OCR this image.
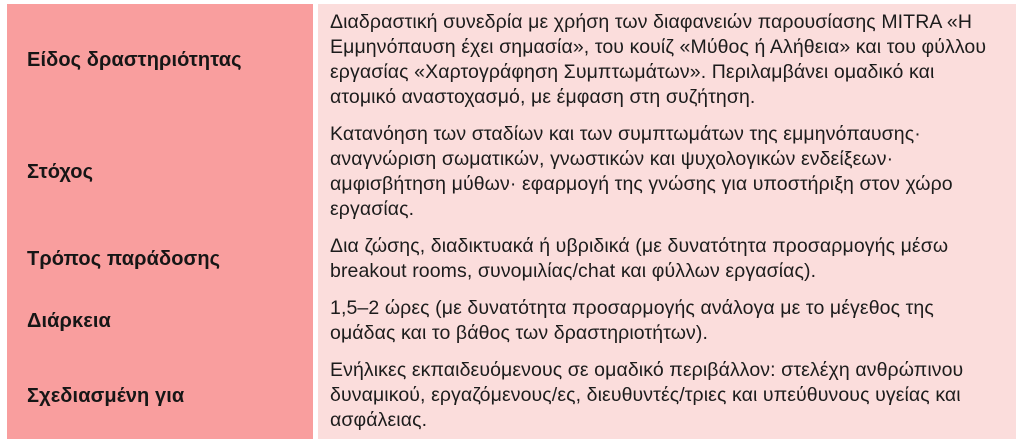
Είδος δραστηριότητας
Διαδραστική συνεδρία με χρήση των διαφανειών παρουσίασης MITRA «Η Εμμηνόπαυση έχει σημασία», του κουίζ «Μύθος ή Αλήθεια» και του φύλλου εργασίας «Χαρτογράφηση Συμπτωμάτων». Περιλαμβάνει ομαδικό και ατομικό αναστοχασμό, με έμφαση στη συζήτηση.
Στόχος
Κατανόηση των σταδίων και των συμπτωμάτων της εμμηνόπαυσης· αναγνώριση σωματικών, γνωστικών και ψυχολογικών ενδείξεων· αμφισβήτηση μύθων· εφαρμογή της γνώσης για υποστήριξη στον χώρο εργασίας.
Τρόπος παράδοσης
Δια ζώσης, διαδικτυακά ή υβριδικά (με δυνατότητα προσαρμογής μέσω breakout rooms, συνομιλίας/chat και φύλλων εργασίας).
Διάρκεια
1,5–2 ώρες (με δυνατότητα προσαρμογής ανάλογα με το μέγεθος της ομάδας και το βάθος των δραστηριοτήτων).
Σχεδιασμένη για
Ενήλικες εκπαιδευόμενους σε ομαδικό περιβάλλον: στελέχη ανθρώπινου δυναμικού, εργαζόμενους/ες, διευθυντές/τριες και υπεύθυνους υγείας και ασφάλειας.
